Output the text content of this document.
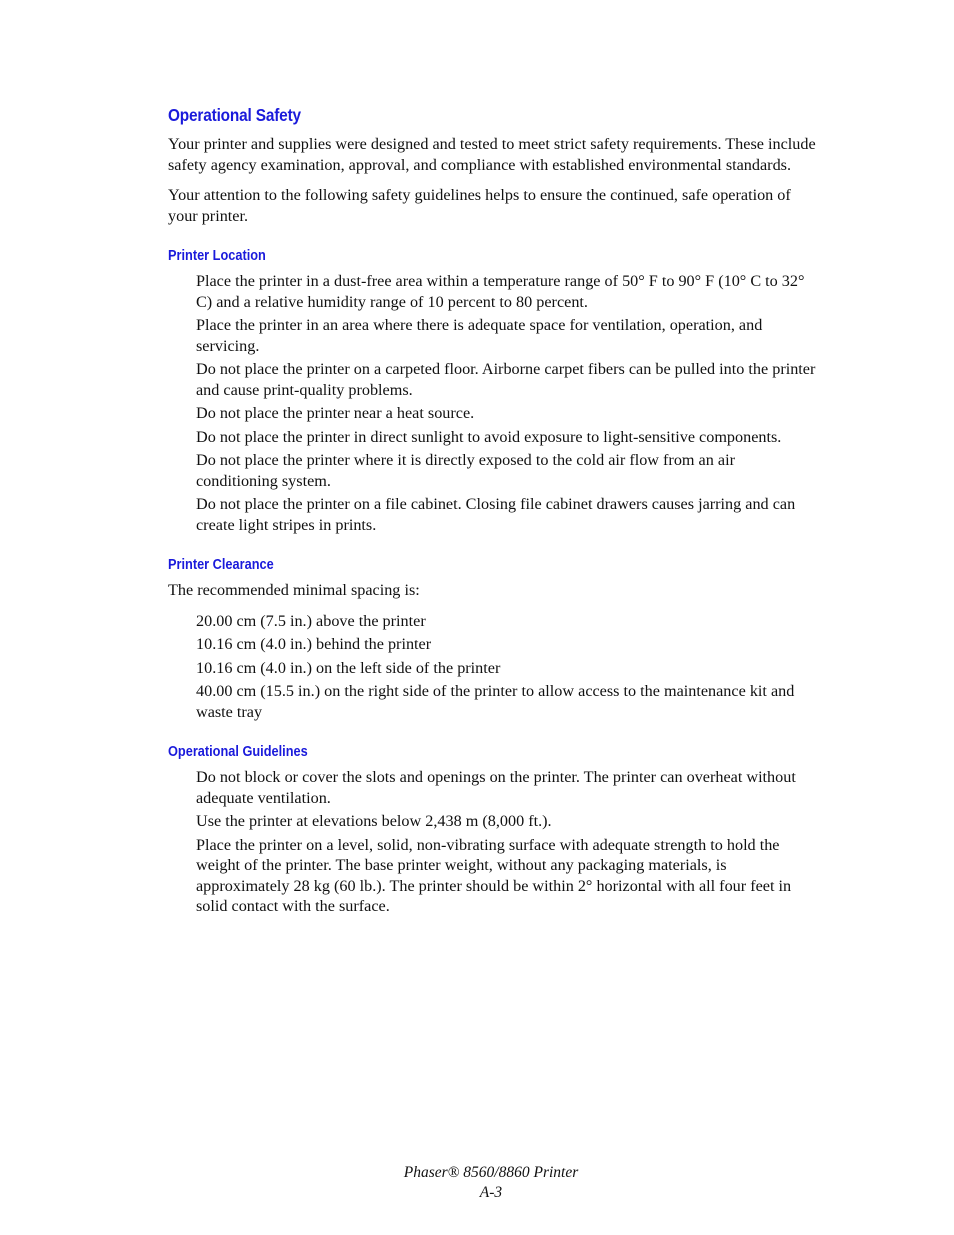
Operational Safety

Your printer and supplies were designed and tested to meet strict safety requirements. These include safety agency examination, approval, and compliance with established environmental standards.

Your attention to the following safety guidelines helps to ensure the continued, safe operation of your printer.

Printer Location
Place the printer in a dust-free area within a temperature range of 50° F to 90° F (10° C to 32° C) and a relative humidity range of 10 percent to 80 percent.
Place the printer in an area where there is adequate space for ventilation, operation, and servicing.
Do not place the printer on a carpeted floor. Airborne carpet fibers can be pulled into the printer and cause print-quality problems.
Do not place the printer near a heat source.
Do not place the printer in direct sunlight to avoid exposure to light-sensitive components.
Do not place the printer where it is directly exposed to the cold air flow from an air conditioning system.
Do not place the printer on a file cabinet. Closing file cabinet drawers causes jarring and can create light stripes in prints.
Printer Clearance

The recommended minimal spacing is:

20.00 cm (7.5 in.) above the printer
10.16 cm (4.0 in.) behind the printer
10.16 cm (4.0 in.) on the left side of the printer
40.00 cm (15.5 in.) on the right side of the printer to allow access to the maintenance kit and waste tray
Operational Guidelines
Do not block or cover the slots and openings on the printer. The printer can overheat without adequate ventilation.
Use the printer at elevations below 2,438 m (8,000 ft.).
Place the printer on a level, solid, non-vibrating surface with adequate strength to hold the weight of the printer. The base printer weight, without any packaging materials, is approximately 28 kg (60 lb.). The printer should be within 2° horizontal with all four feet in solid contact with the surface.
Phaser® 8560/8860 Printer
A-3
